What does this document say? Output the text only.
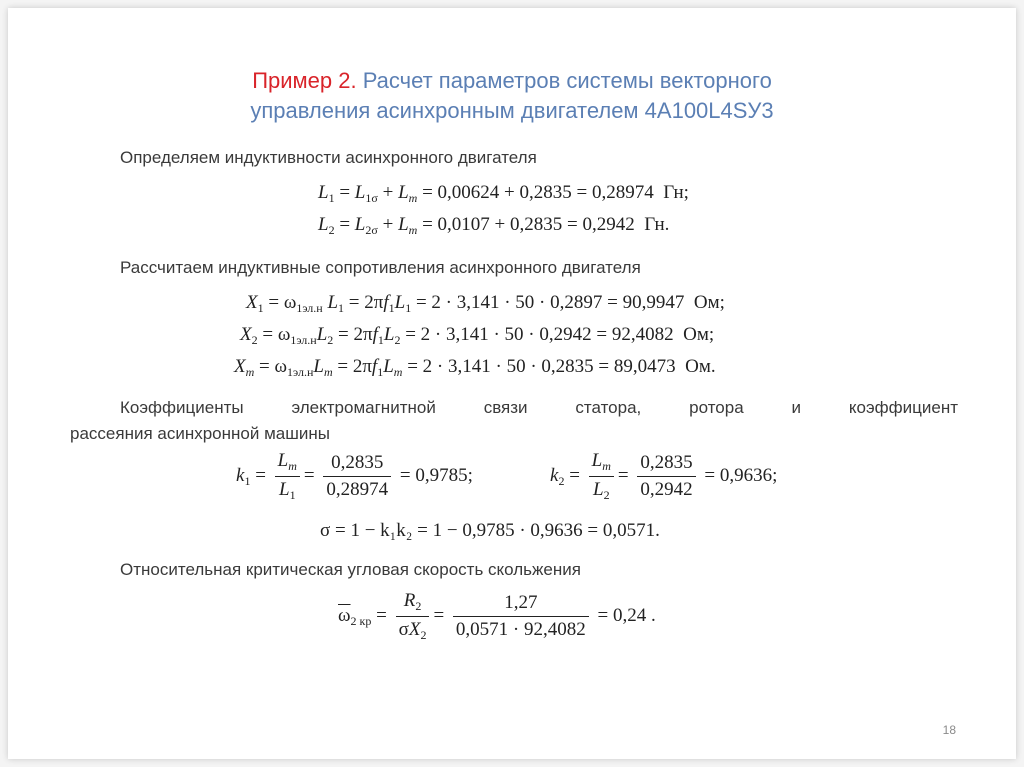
Пример 2. Расчет параметров системы векторного
управления асинхронным двигателем 4А100L4SУ3
Определяем индуктивности асинхронного двигателя
$L_1 = L_{1\sigma} + L_m = 0,00624 + 0,2835 = 0,28974$ Гн;
$L_2 = L_{2\sigma} + L_m = 0,0107 + 0,2835 = 0,2942$ Гн.
Рассчитаем индуктивные сопротивления асинхронного двигателя
$X_1 = \omega_{1эл.н}$ $L_1 = 2\pi f_1L_1 = 2 \cdot 3,141 \cdot 50 \cdot 0,2897 = 90,9947$ Ом;
$X_2 = \omega_{1эл.н}L_2 = 2\pi f_1L_2 = 2 \cdot 3,141 \cdot 50 \cdot 0,2942 = 92,4082$ Ом;
$X_m = \omega_{1эл.н}L_m = 2\pi f_1L_m = 2 \cdot 3,141 \cdot 50 \cdot 0,2835 = 89,0473$ Ом.
Коэффициенты электромагнитной связи статора, ротора и коэффициент
рассеяния асинхронной машины
$k_1 = \frac{L_m}{L_1} = \frac{0,2835}{0,28974} = 0,9785$;	$k_2 = \frac{L_m}{L_2} = \frac{0,2835}{0,2942} = 0,9636$;
σ = 1 − k₁k₂ = 1 − 0,9785 · 0,9636 = 0,0571.
Относительная критическая угловая скорость скольжения
$\overline{\omega}_{2 кр} = \frac{R_2}{\sigma X_2} = \frac{1,27}{0,0571 \cdot 92,4082} = 0,24$ .
18
